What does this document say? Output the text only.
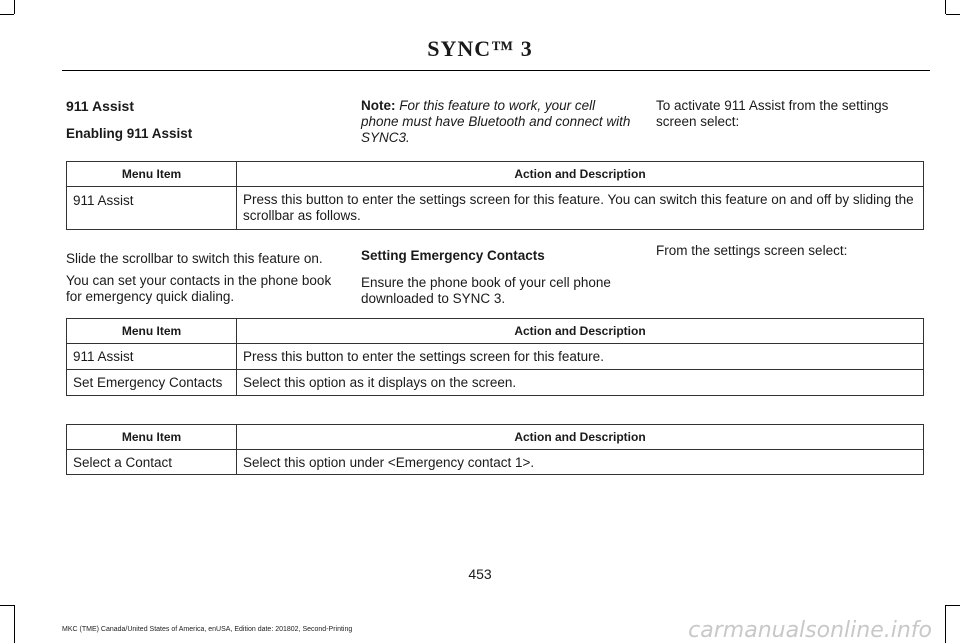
SYNC™ 3
911 Assist
Enabling 911 Assist
Note: For this feature to work, your cell phone must have Bluetooth and connect with SYNC3.
To activate 911 Assist from the settings screen select:
Menu Item	Action and Description
911 Assist	Press this button to enter the settings screen for this feature. You can switch this feature on and off by sliding the scrollbar as follows.
Slide the scrollbar to switch this feature on.
You can set your contacts in the phone book for emergency quick dialing.
Setting Emergency Contacts
Ensure the phone book of your cell phone downloaded to SYNC 3.
From the settings screen select:
Menu Item	Action and Description
911 Assist	Press this button to enter the settings screen for this feature.
Set Emergency Contacts	Select this option as it displays on the screen.
Menu Item	Action and Description
Select a Contact	Select this option under <Emergency contact 1>.
453
MKC (TME) Canada/United States of America, enUSA, Edition date: 201802, Second-Printing	carmanualsonline.info
